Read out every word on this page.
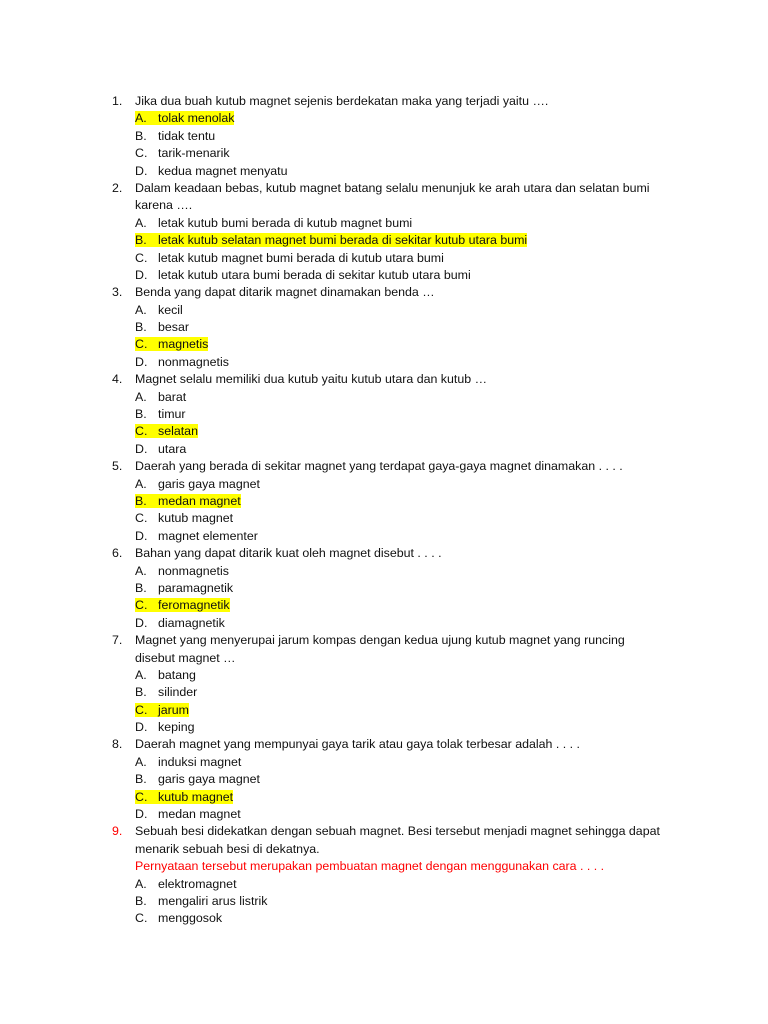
1. Jika dua buah kutub magnet sejenis berdekatan maka yang terjadi yaitu ….
A. tolak menolak
B. tidak tentu
C. tarik-menarik
D. kedua magnet menyatu
2. Dalam keadaan bebas, kutub magnet batang selalu menunjuk ke arah utara dan selatan bumi
karena ….
A. letak kutub bumi berada di kutub magnet bumi
B. letak kutub selatan magnet bumi berada di sekitar kutub utara bumi
C. letak kutub magnet bumi berada di kutub utara bumi
D. letak kutub utara bumi berada di sekitar kutub utara bumi
3. Benda yang dapat ditarik magnet dinamakan benda …
A. kecil
B. besar
C. magnetis
D. nonmagnetis
4. Magnet selalu memiliki dua kutub yaitu kutub utara dan kutub …
A. barat
B. timur
C. selatan
D. utara
5. Daerah yang berada di sekitar magnet yang terdapat gaya-gaya magnet dinamakan . . . .
A. garis gaya magnet
B. medan magnet
C. kutub magnet
D. magnet elementer
6. Bahan yang dapat ditarik kuat oleh magnet disebut . . . .
A. nonmagnetis
B. paramagnetik
C. feromagnetik
D. diamagnetik
7. Magnet yang menyerupai jarum kompas dengan kedua ujung kutub magnet yang runcing
disebut magnet …
A. batang
B. silinder
C. jarum
D. keping
8. Daerah magnet yang mempunyai gaya tarik atau gaya tolak terbesar adalah . . . .
A. induksi magnet
B. garis gaya magnet
C. kutub magnet
D. medan magnet
9. Sebuah besi didekatkan dengan sebuah magnet. Besi tersebut menjadi magnet sehingga dapat
menarik sebuah besi di dekatnya.
Pernyataan tersebut merupakan pembuatan magnet dengan menggunakan cara . . . .
A. elektromagnet
B. mengaliri arus listrik
C. menggosok
